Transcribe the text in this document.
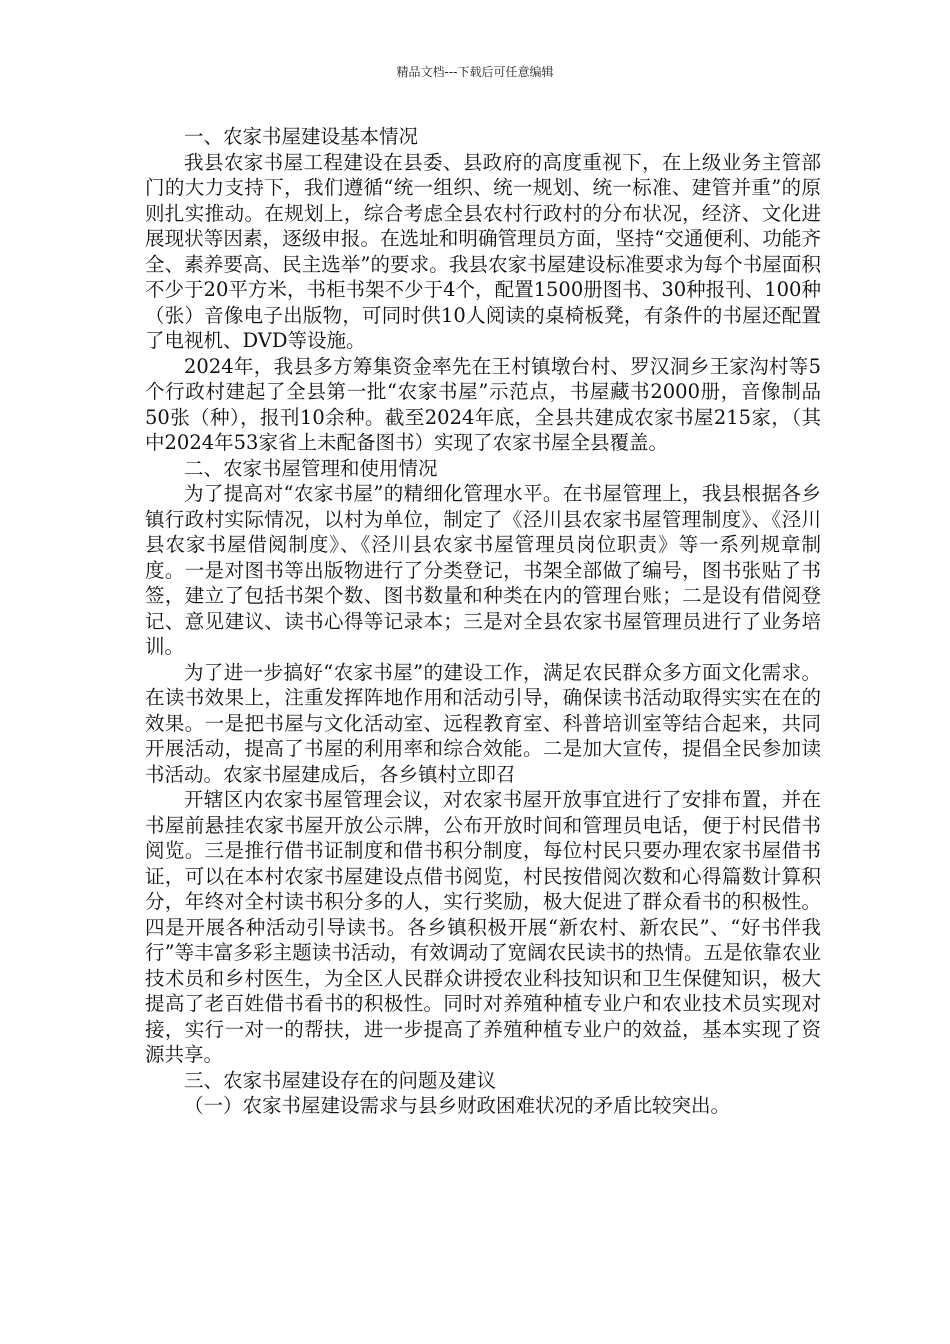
精品文档---下载后可任意编辑

一、农家书屋建设基本情况

我县农家书屋工程建设在县委、县政府的高度重视下，在上级业务主管部门的大力支持下，我们遵循“统一组织、统一规划、统一标准、建管并重”的原则扎实推动。在规划上，综合考虑全县农村行政村的分布状况，经济、文化进展现状等因素，逐级申报。在选址和明确管理员方面，坚持“交通便利、功能齐全、素养要高、民主选举”的要求。我县农家书屋建设标准要求为每个书屋面积不少于20平方米，书柜书架不少于4个，配置1500册图书、30种报刊、100种（张）音像电子出版物，可同时供10人阅读的桌椅板凳，有条件的书屋还配置了电视机、DVD等设施。

2024年，我县多方筹集资金率先在王村镇墩台村、罗汉洞乡王家沟村等5个行政村建起了全县第一批“农家书屋”示范点，书屋藏书2000册，音像制品50张（种），报刊10余种。截至2024年底，全县共建成农家书屋215家，（其中2024年53家省上未配备图书）实现了农家书屋全县覆盖。

二、农家书屋管理和使用情况

为了提高对“农家书屋”的精细化管理水平。在书屋管理上，我县根据各乡镇行政村实际情况，以村为单位，制定了《泾川县农家书屋管理制度》、《泾川县农家书屋借阅制度》、《泾川县农家书屋管理员岗位职责》等一系列规章制度。一是对图书等出版物进行了分类登记，书架全部做了编号，图书张贴了书签，建立了包括书架个数、图书数量和种类在内的管理台账；二是设有借阅登记、意见建议、读书心得等记录本；三是对全县农家书屋管理员进行了业务培训。

为了进一步搞好“农家书屋”的建设工作，满足农民群众多方面文化需求。在读书效果上，注重发挥阵地作用和活动引导，确保读书活动取得实实在在的效果。一是把书屋与文化活动室、远程教育室、科普培训室等结合起来，共同开展活动，提高了书屋的利用率和综合效能。二是加大宣传，提倡全民参加读书活动。农家书屋建成后，各乡镇村立即召

开辖区内农家书屋管理会议，对农家书屋开放事宜进行了安排布置，并在书屋前悬挂农家书屋开放公示牌，公布开放时间和管理员电话，便于村民借书阅览。三是推行借书证制度和借书积分制度，每位村民只要办理农家书屋借书证，可以在本村农家书屋建设点借书阅览，村民按借阅次数和心得篇数计算积分，年终对全村读书积分多的人，实行奖励，极大促进了群众看书的积极性。四是开展各种活动引导读书。各乡镇积极开展“新农村、新农民”、“好书伴我行”等丰富多彩主题读书活动，有效调动了宽阔农民读书的热情。五是依靠农业技术员和乡村医生，为全区人民群众讲授农业科技知识和卫生保健知识，极大提高了老百姓借书看书的积极性。同时对养殖种植专业户和农业技术员实现对接，实行一对一的帮扶，进一步提高了养殖种植专业户的效益，基本实现了资源共享。

三、农家书屋建设存在的问题及建议

（一）农家书屋建设需求与县乡财政困难状况的矛盾比较突出。
